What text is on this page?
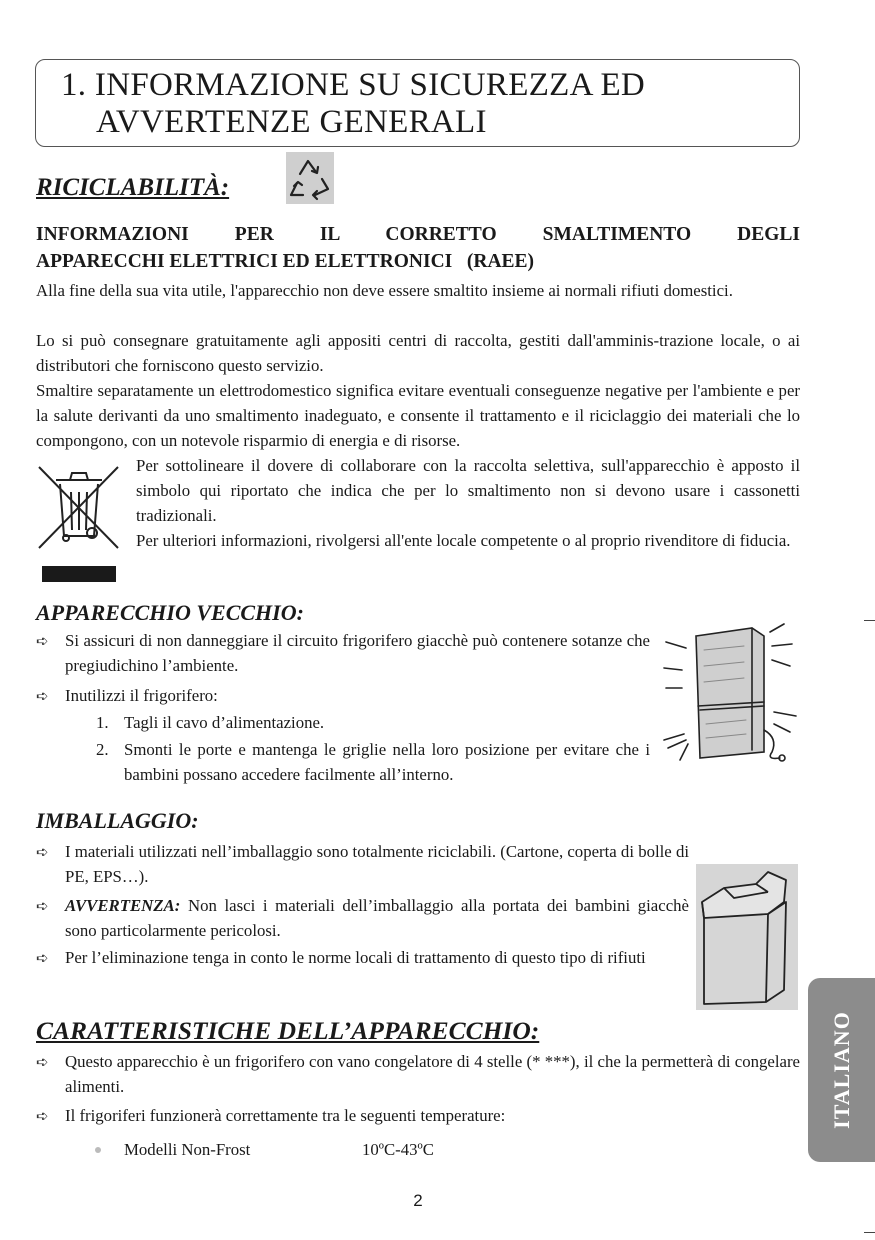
1. INFORMAZIONE SU SICUREZZA ED
AVVERTENZE GENERALI
RICICLABILITÀ:
INFORMAZIONI PER IL CORRETTO SMALTIMENTO DEGLI
APPARECCHI ELETTRICI ED ELETTRONICI   (RAEE)
Alla fine della sua vita utile, l'apparecchio non deve essere smaltito insieme ai normali rifiuti domestici.
Lo si può consegnare gratuitamente agli appositi centri di raccolta, gestiti dall'amminis-trazione locale, o ai distributori che forniscono questo servizio.
Smaltire separatamente un elettrodomestico significa evitare eventuali conseguenze negative per l'ambiente e per la salute derivanti da uno smaltimento inadeguato, e consente il trattamento e il riciclaggio dei materiali che lo compongono, con un notevole risparmio di energia e di risorse.
Per sottolineare il dovere di collaborare con la raccolta selettiva, sull'apparecchio è apposto il simbolo qui riportato che indica che per lo smaltimento non si devono usare i cassonetti tradizionali.
Per ulteriori informazioni, rivolgersi all'ente locale competente o al proprio rivenditore di fiducia.
APPARECCHIO VECCHIO:
➪ Si assicuri di non danneggiare il circuito frigorifero giacchè può contenere sotanze che pregiudichino l’ambiente.
➪ Inutilizzi il frigorifero:
1. Tagli il cavo d’alimentazione.
2. Smonti le porte e mantenga le griglie nella loro posizione per evitare che i bambini possano accedere facilmente all’interno.
IMBALLAGGIO:
➪ I materiali utilizzati nell’imballaggio sono totalmente riciclabili. (Cartone, coperta di bolle di PE, EPS…).
➪ AVVERTENZA: Non lasci i materiali dell’imballaggio alla portata dei bambini giacchè sono particolarmente pericolosi.
➪ Per l’eliminazione tenga in conto le norme locali di trattamento di questo tipo di rifiuti
CARATTERISTICHE DELL’APPARECCHIO:
➪ Questo apparecchio è un frigorifero con vano congelatore di 4 stelle (* ***), il che la permetterà di congelare alimenti.
➪ Il frigoriferi funzionerà correttamente tra le seguenti temperature:
Modelli Non-Frost	10ºC-43ºC
ITALIANO
2
